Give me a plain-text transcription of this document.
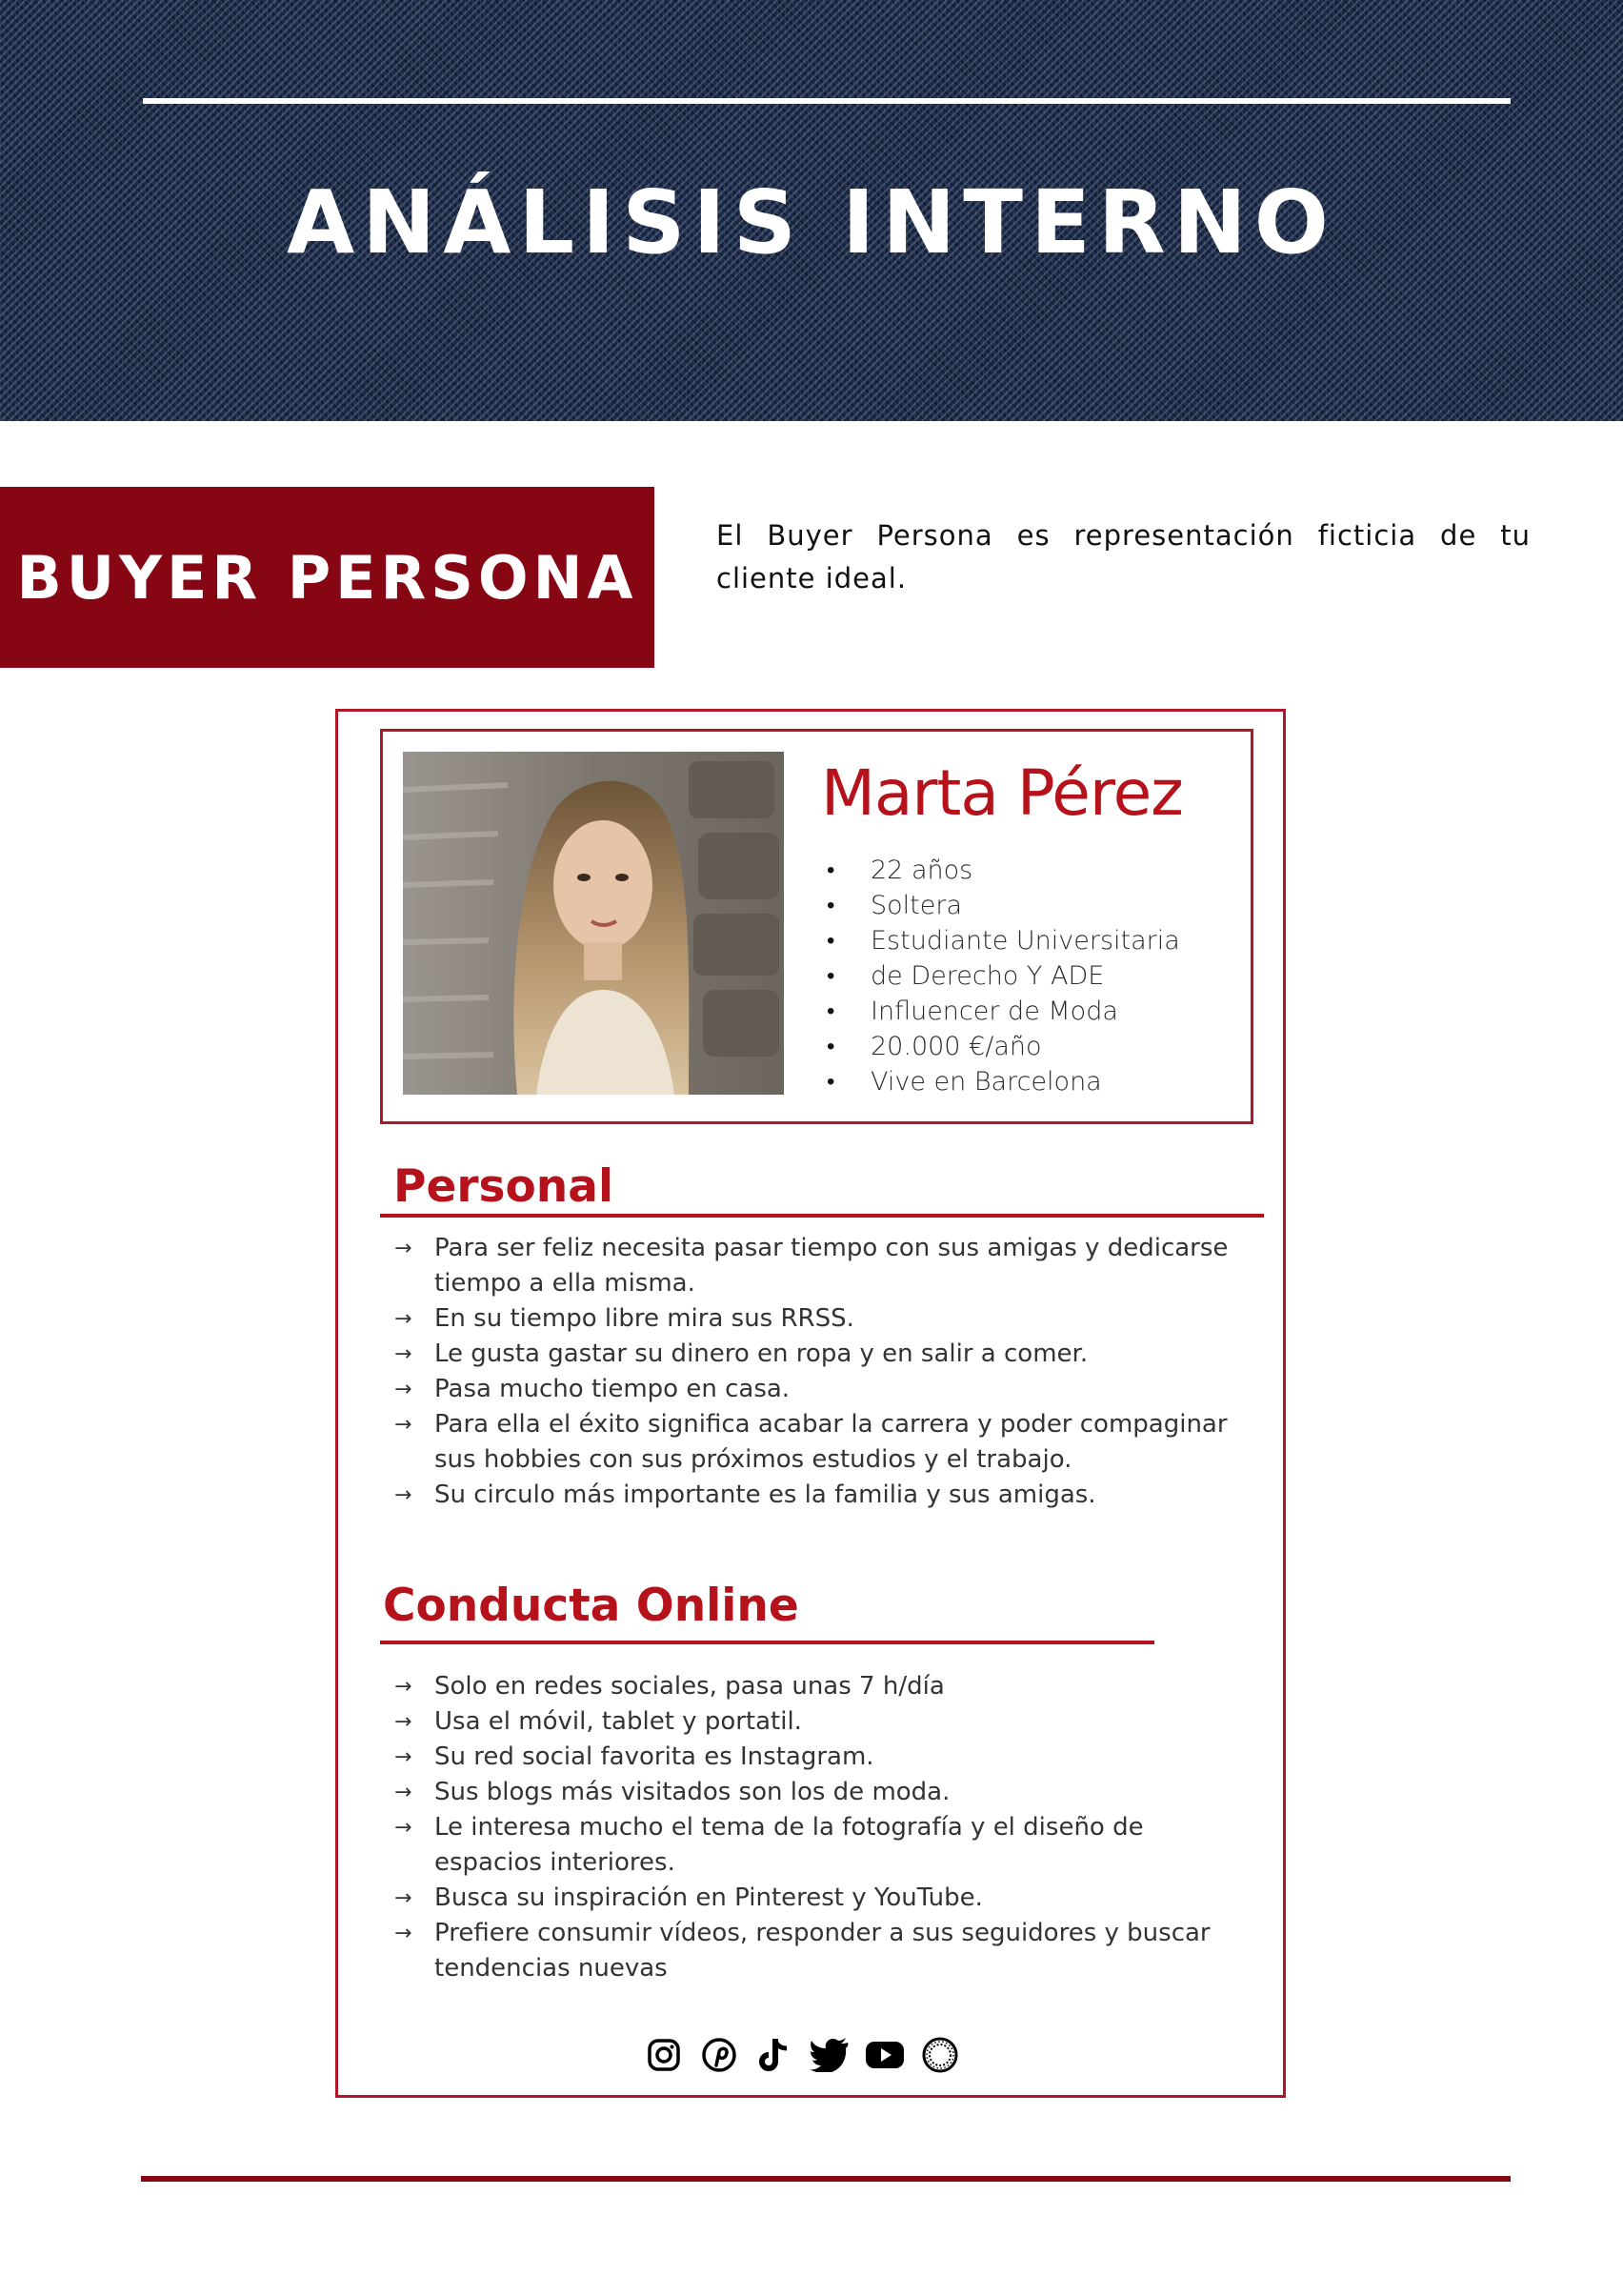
ANÁLISIS INTERNO
BUYER PERSONA
El Buyer Persona es representación ficticia de tu cliente ideal.
Marta Pérez
• 22 años
• Soltera
• Estudiante Universitaria
• de Derecho Y ADE
• Influencer de Moda
• 20.000 €/año
• Vive en Barcelona
Personal
→ Para ser feliz necesita pasar tiempo con sus amigas y dedicarse tiempo a ella misma.
→ En su tiempo libre mira sus RRSS.
→ Le gusta gastar su dinero en ropa y en salir a comer.
→ Pasa mucho tiempo en casa.
→ Para ella el éxito significa acabar la carrera y poder compaginar sus hobbies con sus próximos estudios y el trabajo.
→ Su circulo más importante es la familia y sus amigas.
Conducta Online
→ Solo en redes sociales, pasa unas 7 h/día
→ Usa el móvil, tablet y portatil.
→ Su red social favorita es Instagram.
→ Sus blogs más visitados son los de moda.
→ Le interesa mucho el tema de la fotografía y el diseño de espacios interiores.
→ Busca su inspiración en Pinterest y YouTube.
→ Prefiere consumir vídeos, responder a sus seguidores y buscar tendencias nuevas
